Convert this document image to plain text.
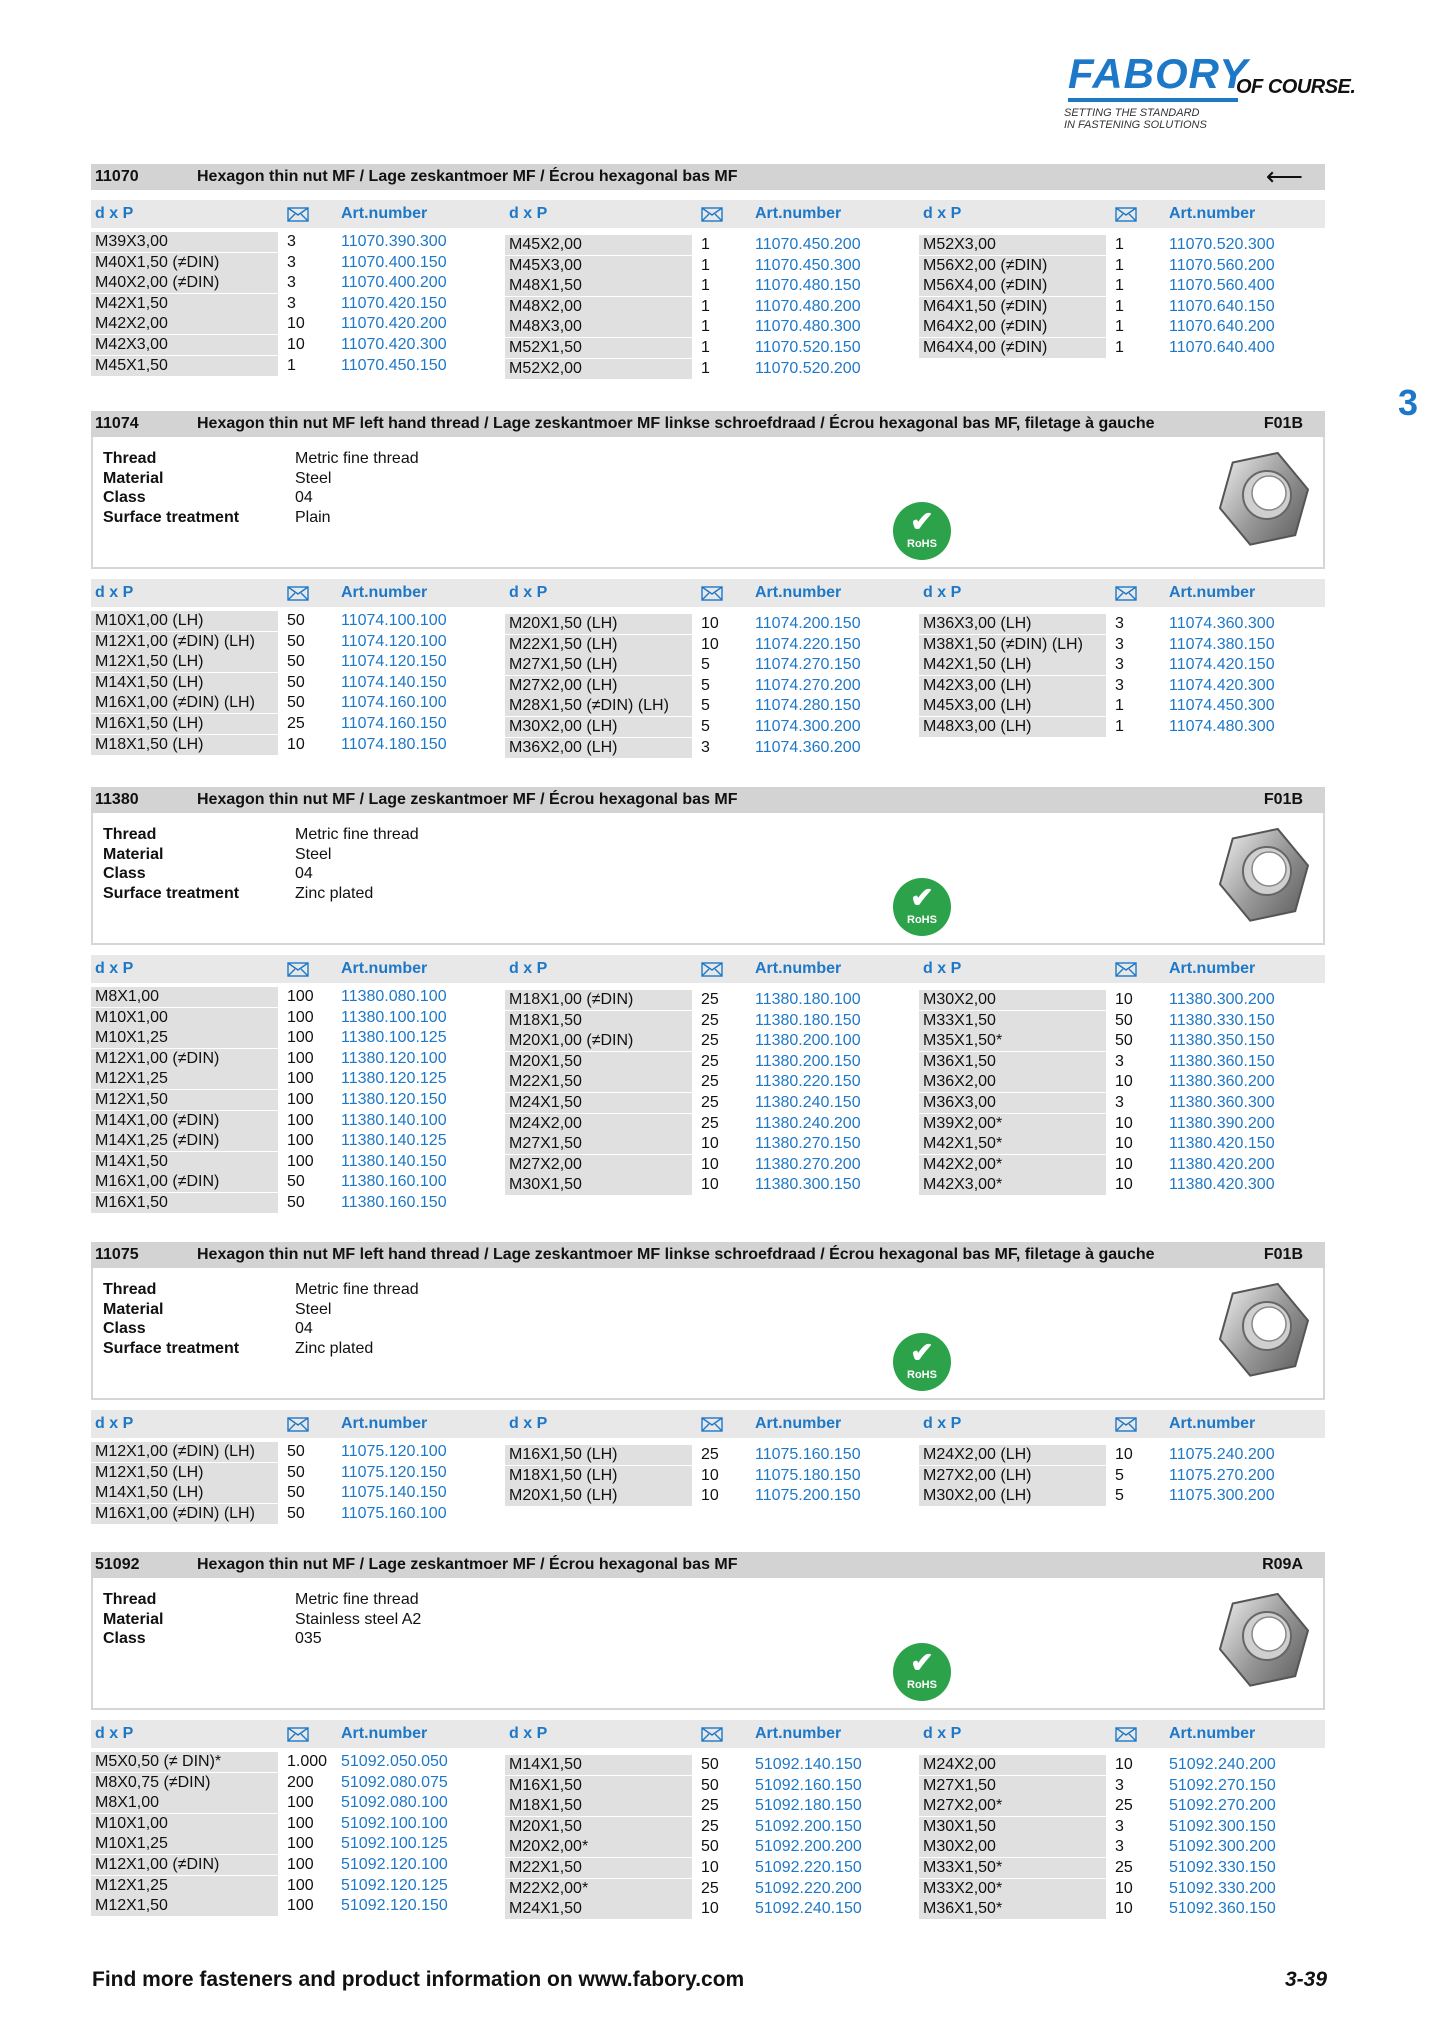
FABORY
OF COURSE.
SETTING THE STANDARD
IN FASTENING SOLUTIONS
3
11070	Hexagon thin nut MF / Lage zeskantmoer MF / Écrou hexagonal bas MF	⟵
d x P	Art.number	d x P	Art.number	d x P	Art.number
M39X3,00	3	11070.390.300
M40X1,50 (≠DIN)	3	11070.400.150
M40X2,00 (≠DIN)	3	11070.400.200
M42X1,50	3	11070.420.150
M42X2,00	10	11070.420.200
M42X3,00	10	11070.420.300
M45X1,50	1	11070.450.150
M45X2,00	1	11070.450.200
M45X3,00	1	11070.450.300
M48X1,50	1	11070.480.150
M48X2,00	1	11070.480.200
M48X3,00	1	11070.480.300
M52X1,50	1	11070.520.150
M52X2,00	1	11070.520.200
M52X3,00	1	11070.520.300
M56X2,00 (≠DIN)	1	11070.560.200
M56X4,00 (≠DIN)	1	11070.560.400
M64X1,50 (≠DIN)	1	11070.640.150
M64X2,00 (≠DIN)	1	11070.640.200
M64X4,00 (≠DIN)	1	11070.640.400
11074	Hexagon thin nut MF left hand thread / Lage zeskantmoer MF linkse schroefdraad / Écrou hexagonal bas MF, filetage à gauche	F01B
Thread	Metric fine thread
Material	Steel
Class	04
Surface treatment	Plain	✔
RoHS
d x P	Art.number	d x P	Art.number	d x P	Art.number
M10X1,00 (LH)	50	11074.100.100
M12X1,00 (≠DIN) (LH)	50	11074.120.100
M12X1,50 (LH)	50	11074.120.150
M14X1,50 (LH)	50	11074.140.150
M16X1,00 (≠DIN) (LH)	50	11074.160.100
M16X1,50 (LH)	25	11074.160.150
M18X1,50 (LH)	10	11074.180.150
M20X1,50 (LH)	10	11074.200.150
M22X1,50 (LH)	10	11074.220.150
M27X1,50 (LH)	5	11074.270.150
M27X2,00 (LH)	5	11074.270.200
M28X1,50 (≠DIN) (LH)	5	11074.280.150
M30X2,00 (LH)	5	11074.300.200
M36X2,00 (LH)	3	11074.360.200
M36X3,00 (LH)	3	11074.360.300
M38X1,50 (≠DIN) (LH)	3	11074.380.150
M42X1,50 (LH)	3	11074.420.150
M42X3,00 (LH)	3	11074.420.300
M45X3,00 (LH)	1	11074.450.300
M48X3,00 (LH)	1	11074.480.300
11380	Hexagon thin nut MF / Lage zeskantmoer MF / Écrou hexagonal bas MF	F01B
Thread	Metric fine thread
Material	Steel
Class	04
Surface treatment	Zinc plated	✔
RoHS
d x P	Art.number	d x P	Art.number	d x P	Art.number
M8X1,00	100	11380.080.100
M10X1,00	100	11380.100.100
M10X1,25	100	11380.100.125
M12X1,00 (≠DIN)	100	11380.120.100
M12X1,25	100	11380.120.125
M12X1,50	100	11380.120.150
M14X1,00 (≠DIN)	100	11380.140.100
M14X1,25 (≠DIN)	100	11380.140.125
M14X1,50	100	11380.140.150
M16X1,00 (≠DIN)	50	11380.160.100
M16X1,50	50	11380.160.150
M18X1,00 (≠DIN)	25	11380.180.100
M18X1,50	25	11380.180.150
M20X1,00 (≠DIN)	25	11380.200.100
M20X1,50	25	11380.200.150
M22X1,50	25	11380.220.150
M24X1,50	25	11380.240.150
M24X2,00	25	11380.240.200
M27X1,50	10	11380.270.150
M27X2,00	10	11380.270.200
M30X1,50	10	11380.300.150
M30X2,00	10	11380.300.200
M33X1,50	50	11380.330.150
M35X1,50*	50	11380.350.150
M36X1,50	3	11380.360.150
M36X2,00	10	11380.360.200
M36X3,00	3	11380.360.300
M39X2,00*	10	11380.390.200
M42X1,50*	10	11380.420.150
M42X2,00*	10	11380.420.200
M42X3,00*	10	11380.420.300
11075	Hexagon thin nut MF left hand thread / Lage zeskantmoer MF linkse schroefdraad / Écrou hexagonal bas MF, filetage à gauche	F01B
Thread	Metric fine thread
Material	Steel
Class	04
Surface treatment	Zinc plated	✔
RoHS
d x P	Art.number	d x P	Art.number	d x P	Art.number
M12X1,00 (≠DIN) (LH)	50	11075.120.100
M12X1,50 (LH)	50	11075.120.150
M14X1,50 (LH)	50	11075.140.150
M16X1,00 (≠DIN) (LH)	50	11075.160.100
M16X1,50 (LH)	25	11075.160.150
M18X1,50 (LH)	10	11075.180.150
M20X1,50 (LH)	10	11075.200.150
M24X2,00 (LH)	10	11075.240.200
M27X2,00 (LH)	5	11075.270.200
M30X2,00 (LH)	5	11075.300.200
51092	Hexagon thin nut MF / Lage zeskantmoer MF / Écrou hexagonal bas MF	R09A
Thread	Metric fine thread
Material	Stainless steel A2
Class	035
✔
RoHS
d x P	Art.number	d x P	Art.number	d x P	Art.number
M5X0,50 (≠ DIN)*	1.000 51092.050.050
M8X0,75 (≠DIN)	200	51092.080.075
M8X1,00	100	51092.080.100
M10X1,00	100	51092.100.100
M10X1,25	100	51092.100.125
M12X1,00 (≠DIN)	100	51092.120.100
M12X1,25	100	51092.120.125
M12X1,50	100	51092.120.150
M14X1,50	50	51092.140.150
M16X1,50	50	51092.160.150
M18X1,50	25	51092.180.150
M20X1,50	25	51092.200.150
M20X2,00*	50	51092.200.200
M22X1,50	10	51092.220.150
M22X2,00*	25	51092.220.200
M24X1,50	10	51092.240.150
M24X2,00	10	51092.240.200
M27X1,50	3	51092.270.150
M27X2,00*	25	51092.270.200
M30X1,50	3	51092.300.150
M30X2,00	3	51092.300.200
M33X1,50*	25	51092.330.150
M33X2,00*	10	51092.330.200
M36X1,50*	10	51092.360.150
Find more fasteners and product information on www.fabory.com	3-39
